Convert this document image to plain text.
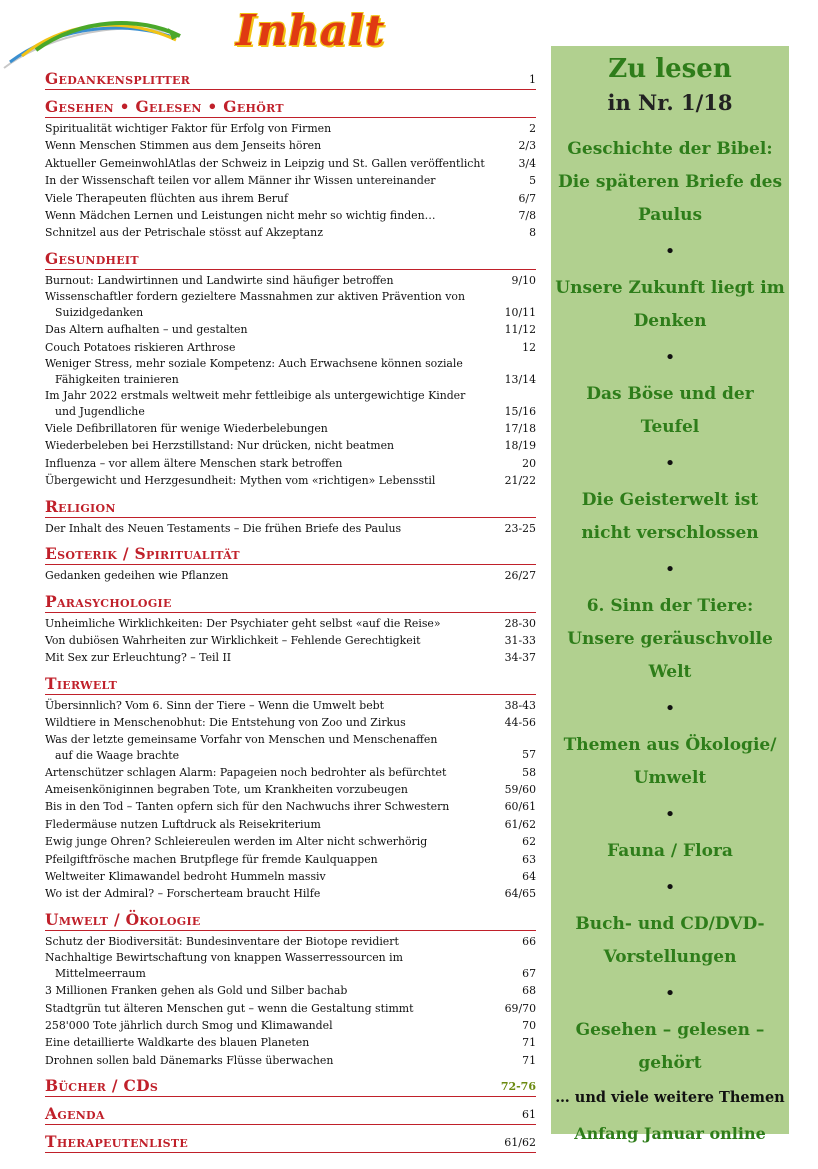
Inhalt
Gedankensplitter	1
Gesehen • Gelesen • Gehört
Spiritualität wichtiger Faktor für Erfolg von Firmen	2
Wenn Menschen Stimmen aus dem Jenseits hören	2/3
Aktueller GemeinwohlAtlas der Schweiz in Leipzig und St. Gallen veröffentlicht	3/4
In der Wissenschaft teilen vor allem Männer ihr Wissen untereinander	5
Viele Therapeuten flüchten aus ihrem Beruf	6/7
Wenn Mädchen Lernen und Leistungen nicht mehr so wichtig finden…	7/8
Schnitzel aus der Petrischale stösst auf Akzeptanz	8
Gesundheit
Burnout: Landwirtinnen und Landwirte sind häufiger betroffen	9/10
Wissenschaftler fordern gezieltere Massnahmen zur aktiven Prävention von
Suizidgedanken	10/11
Das Altern aufhalten – und gestalten	11/12
Couch Potatoes riskieren Arthrose	12
Weniger Stress, mehr soziale Kompetenz: Auch Erwachsene können soziale
Fähigkeiten trainieren	13/14
Im Jahr 2022 erstmals weltweit mehr fettleibige als untergewichtige Kinder
und Jugendliche	15/16
Viele Defibrillatoren für wenige Wiederbelebungen	17/18
Wiederbeleben bei Herzstillstand: Nur drücken, nicht beatmen	18/19
Influenza – vor allem ältere Menschen stark betroffen	20
Übergewicht und Herzgesundheit: Mythen vom «richtigen» Lebensstil	21/22
Religion
Der Inhalt des Neuen Testaments – Die frühen Briefe des Paulus	23-25
Esoterik / Spiritualität
Gedanken gedeihen wie Pflanzen	26/27
Parasychologie
Unheimliche Wirklichkeiten: Der Psychiater geht selbst «auf die Reise»	28-30
Von dubiösen Wahrheiten zur Wirklichkeit – Fehlende Gerechtigkeit	31-33
Mit Sex zur Erleuchtung? – Teil II	34-37
Tierwelt
Übersinnlich? Vom 6. Sinn der Tiere – Wenn die Umwelt bebt	38-43
Wildtiere in Menschenobhut: Die Entstehung von Zoo und Zirkus	44-56
Was der letzte gemeinsame Vorfahr von Menschen und Menschenaffen
auf die Waage brachte	57
Artenschützer schlagen Alarm: Papageien noch bedrohter als befürchtet	58
Ameisenköniginnen begraben Tote, um Krankheiten vorzubeugen	59/60
Bis in den Tod – Tanten opfern sich für den Nachwuchs ihrer Schwestern	60/61
Fledermäuse nutzen Luftdruck als Reisekriterium	61/62
Ewig junge Ohren? Schleiereulen werden im Alter nicht schwerhörig	62
Pfeilgiftfrösche machen Brutpflege für fremde Kaulquappen	63
Weltweiter Klimawandel bedroht Hummeln massiv	64
Wo ist der Admiral? – Forscherteam braucht Hilfe	64/65
Umwelt / Ökologie
Schutz der Biodiversität: Bundesinventare der Biotope revidiert	66
Nachhaltige Bewirtschaftung von knappen Wasserressourcen im
Mittelmeerraum	67
3 Millionen Franken gehen als Gold und Silber bachab	68
Stadtgrün tut älteren Menschen gut – wenn die Gestaltung stimmt	69/70
258'000 Tote jährlich durch Smog und Klimawandel	70
Eine detaillierte Waldkarte des blauen Planeten	71
Drohnen sollen bald Dänemarks Flüsse überwachen	71
Bücher / CDs	72-76
Agenda	61
Therapeutenliste	61/62
Zu lesen
in Nr. 1/18
Geschichte der Bibel: Die späteren Briefe des Paulus
•
Unsere Zukunft liegt im Denken
•
Das Böse und der Teufel
•
Die Geisterwelt ist nicht verschlossen
•
6. Sinn der Tiere: Unsere geräuschvolle Welt
•
Themen aus Ökologie/ Umwelt
•
Fauna / Flora
•
Buch- und CD/DVD-Vorstellungen
•
Gesehen – gelesen – gehört
… und viele weitere Themen
Anfang Januar online
